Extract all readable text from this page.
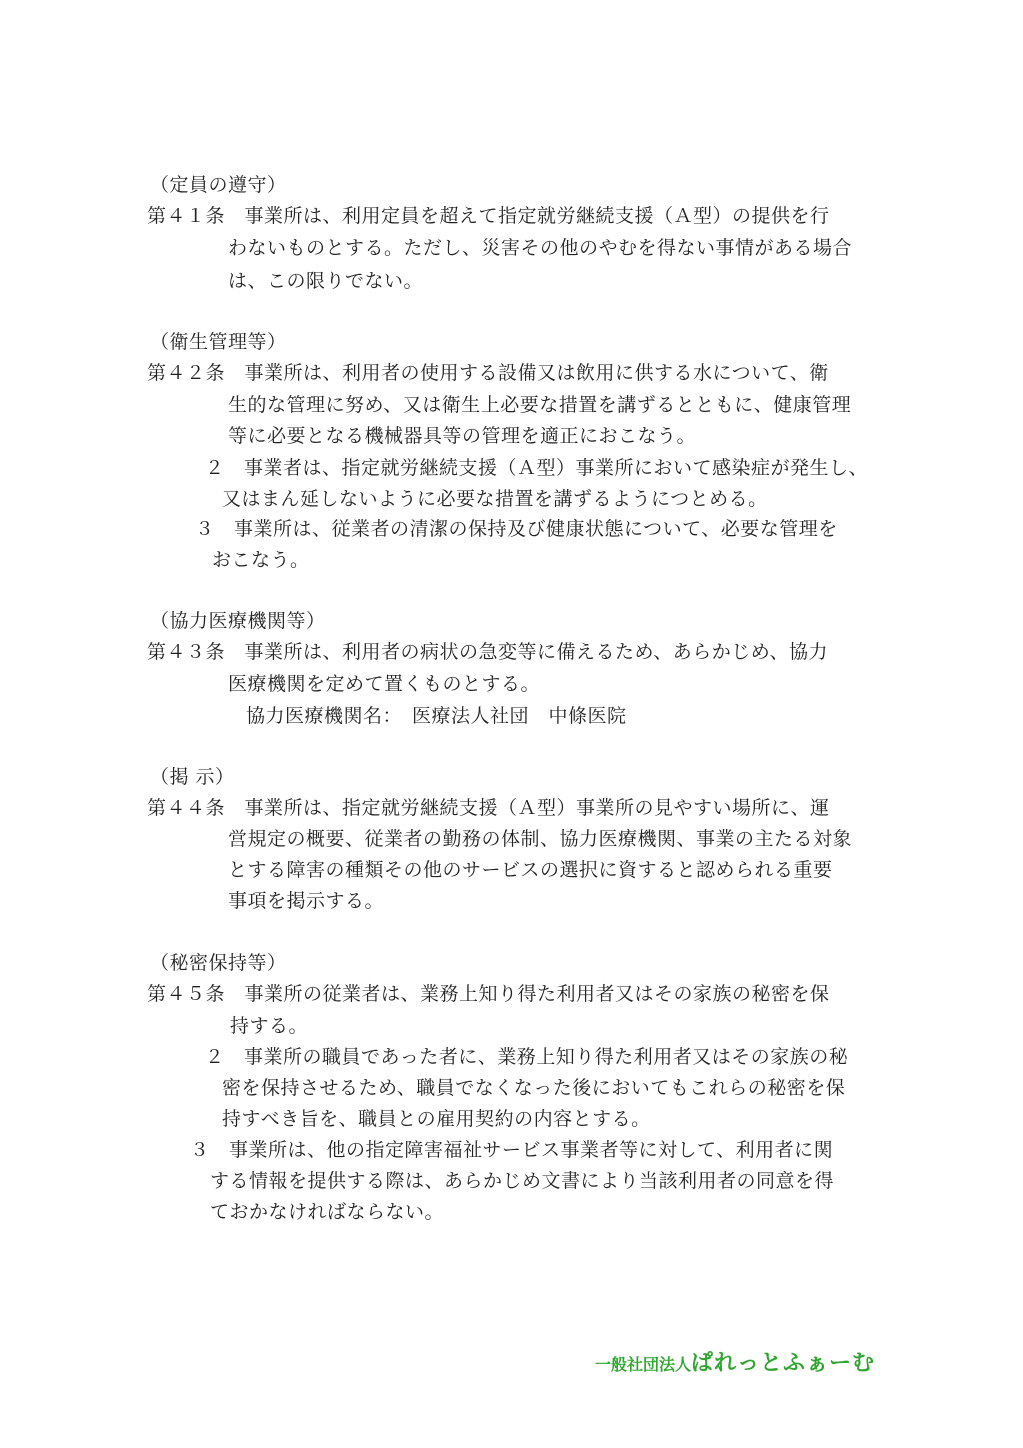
（定員の遵守）

第４１条　事業所は、利用定員を超えて指定就労継続支援（Ａ型）の提供を行

わないものとする。ただし、災害その他のやむを得ない事情がある場合

は、この限りでない。

（衛生管理等）

第４２条　事業所は、利用者の使用する設備又は飲用に供する水について、衛

生的な管理に努め、又は衛生上必要な措置を講ずるとともに、健康管理

等に必要となる機械器具等の管理を適正におこなう。

２　事業者は、指定就労継続支援（Ａ型）事業所において感染症が発生し、

又はまん延しないように必要な措置を講ずるようにつとめる。

３　事業所は、従業者の清潔の保持及び健康状態について、必要な管理を

おこなう。

（協力医療機関等）

第４３条　事業所は、利用者の病状の急変等に備えるため、あらかじめ、協力

医療機関を定めて置くものとする。

協力医療機関名：　医療法人社団　中條医院

（掲 示）

第４４条　事業所は、指定就労継続支援（Ａ型）事業所の見やすい場所に、運

営規定の概要、従業者の勤務の体制、協力医療機関、事業の主たる対象

とする障害の種類その他のサービスの選択に資すると認められる重要

事項を掲示する。

（秘密保持等）

第４５条　事業所の従業者は、業務上知り得た利用者又はその家族の秘密を保

持する。

２　事業所の職員であった者に、業務上知り得た利用者又はその家族の秘

密を保持させるため、職員でなくなった後においてもこれらの秘密を保

持すべき旨を、職員との雇用契約の内容とする。

３　事業所は、他の指定障害福祉サービス事業者等に対して、利用者に関

する情報を提供する際は、あらかじめ文書により当該利用者の同意を得

ておかなければならない。

一般社団法人ぱれっとふぁーむ
